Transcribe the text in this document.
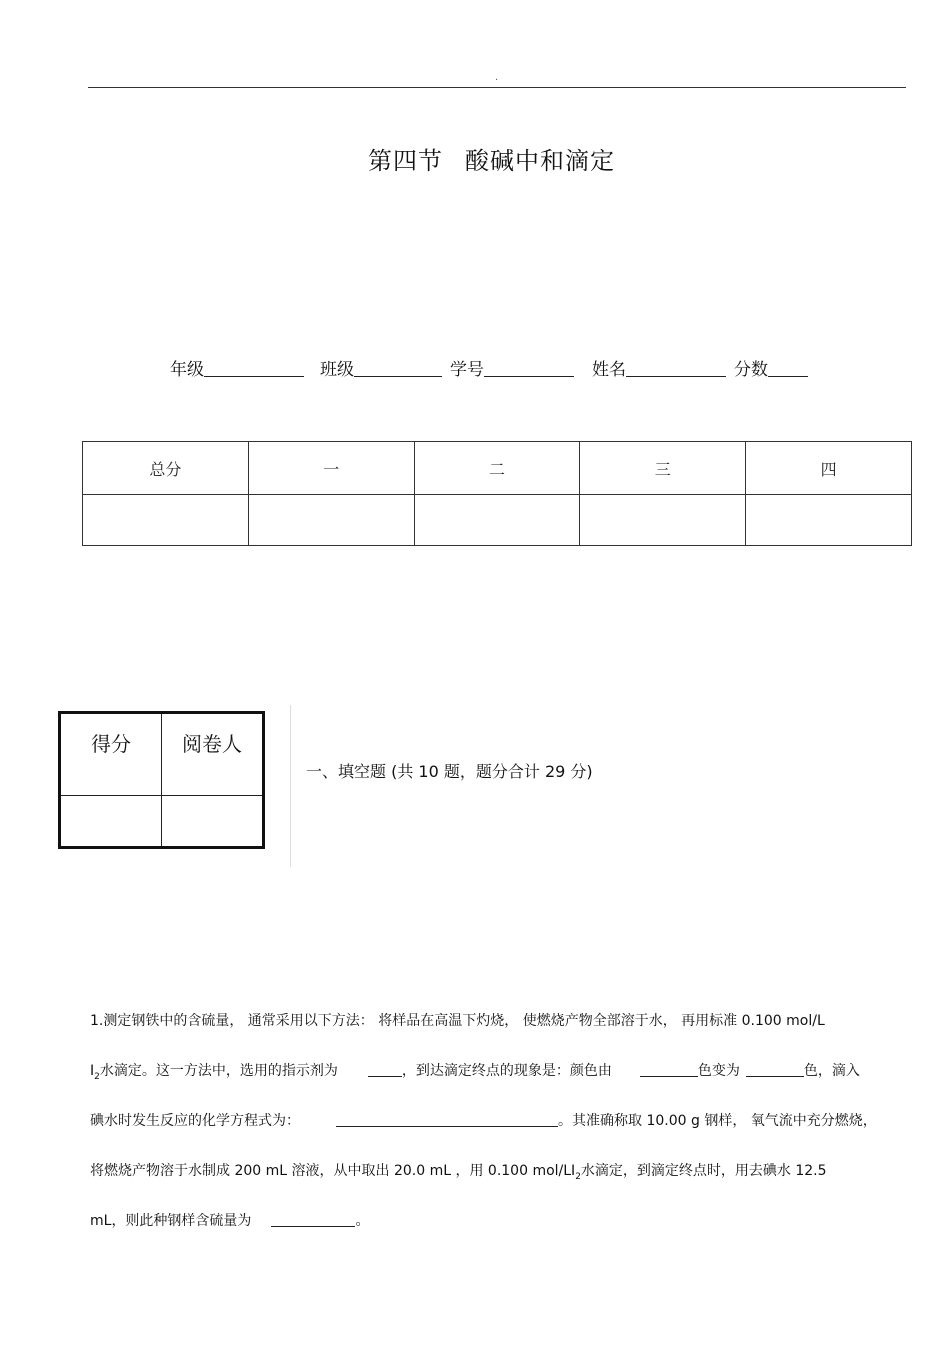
.
第四节 酸碱中和滴定
年级	班级	学号	姓名	分数
总分	一	二	三	四

得分	阅卷人

一、填空题 (共 10 题，题分合计 29 分)
1.测定钢铁中的含硫量， 通常采用以下方法： 将样品在高温下灼烧， 使燃烧产物全部溶于水， 再用标准 0.100 mol/L
$I_2$水滴定。这一方法中，选用的指示剂为	，到达滴定终点的现象是：颜色由	色变为	色，滴入
碘水时发生反应的化学方程式为：	。其准确称取 10.00 g 钢样， 氧气流中充分燃烧，
将燃烧产物溶于水制成 200 mL 溶液，从中取出 20.0 mL ，用 0.100 mol/$LI_2$水滴定，到滴定终点时，用去碘水 12.5
mL，则此种钢样含硫量为	。
